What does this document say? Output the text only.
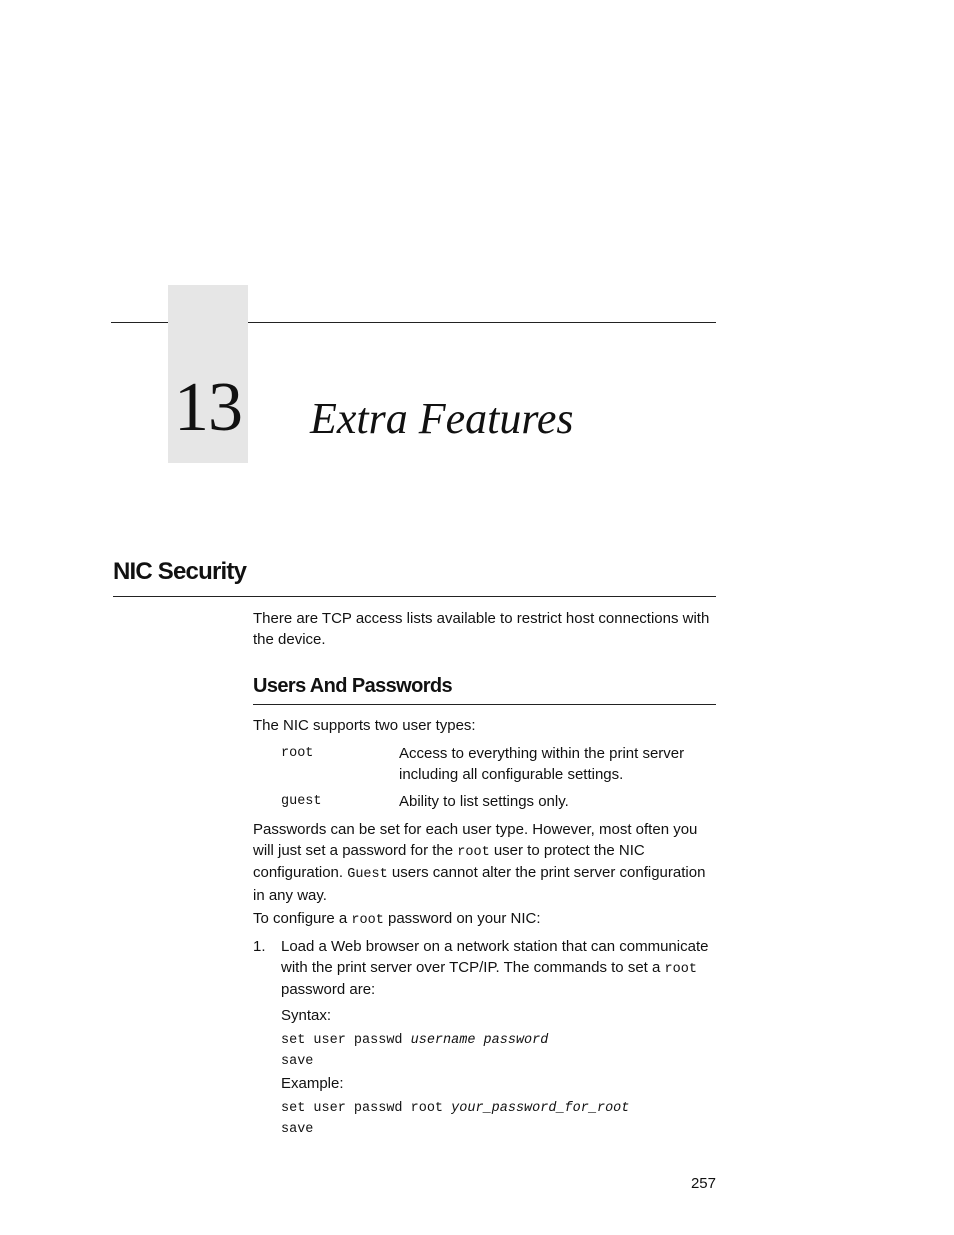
13 Extra Features
NIC Security
There are TCP access lists available to restrict host connections with the device.
Users And Passwords
The NIC supports two user types:
root	Access to everything within the print server including all configurable settings.
guest	Ability to list settings only.
Passwords can be set for each user type. However, most often you will just set a password for the root user to protect the NIC configuration. Guest users cannot alter the print server configuration in any way.
To configure a root password on your NIC:
1. Load a Web browser on a network station that can communicate with the print server over TCP/IP. The commands to set a root password are:
Syntax:
set user passwd username password
save
Example:
set user passwd root your_password_for_root
save
257
